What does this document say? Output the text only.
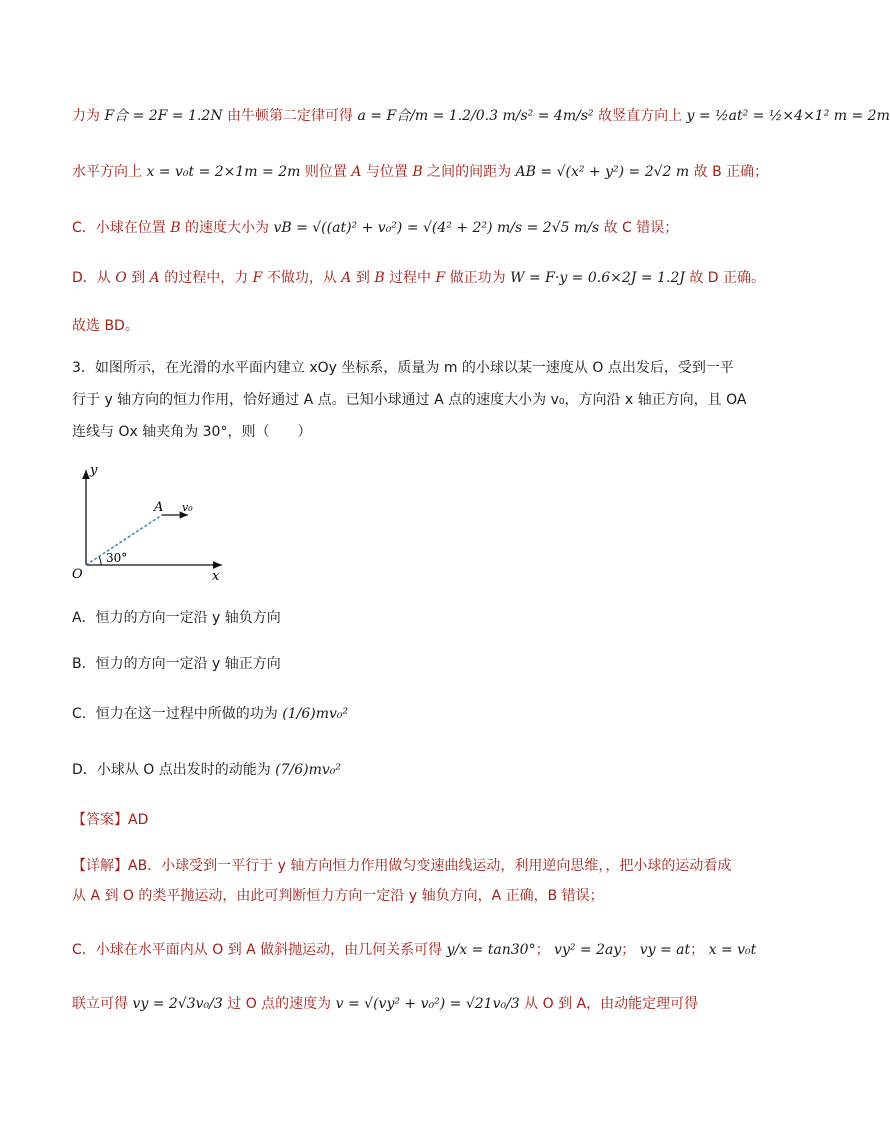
力为 F合 = 2F = 1.2N 由牛顿第二定律可得 a = F合/m = 1.2/0.3 m/s² = 4m/s² 故竖直方向上 y = ½at² = ½×4×1² m = 2m
水平方向上 x = v₀t = 2×1m = 2m 则位置 A 与位置 B 之间的间距为 AB = √(x² + y²) = 2√2 m 故 B 正确；
C．小球在位置 B 的速度大小为 vB = √((at)² + v₀²) = √(4² + 2²) m/s = 2√5 m/s 故 C 错误；
D．从 O 到 A 的过程中，力 F 不做功，从 A 到 B 过程中 F 做正功为 W = F·y = 0.6×2J = 1.2J 故 D 正确。
故选 BD。
3．如图所示，在光滑的水平面内建立 xOy 坐标系，质量为 m 的小球以某一速度从 O 点出发后，受到一平
行于 y 轴方向的恒力作用，恰好通过 A 点。已知小球通过 A 点的速度大小为 v₀，方向沿 x 轴正方向，且 OA
连线与 Ox 轴夹角为 30°，则（　　）
y
x
O
A v₀
30°
A．恒力的方向一定沿 y 轴负方向
B．恒力的方向一定沿 y 轴正方向
C．恒力在这一过程中所做的功为 (1/6)mv₀²
D．小球从 O 点出发时的动能为 (7/6)mv₀²
【答案】AD
【详解】AB．小球受到一平行于 y 轴方向恒力作用做匀变速曲线运动，利用逆向思维，，把小球的运动看成
从 A 到 O 的类平抛运动，由此可判断恒力方向一定沿 y 轴负方向，A 正确，B 错误；
C．小球在水平面内从 O 到 A 做斜抛运动，由几何关系可得 y/x = tan30°； vy² = 2ay； vy = at； x = v₀t
联立可得 vy = 2√3v₀/3 过 O 点的速度为 v = √(vy² + v₀²) = √21v₀/3 从 O 到 A，由动能定理可得
